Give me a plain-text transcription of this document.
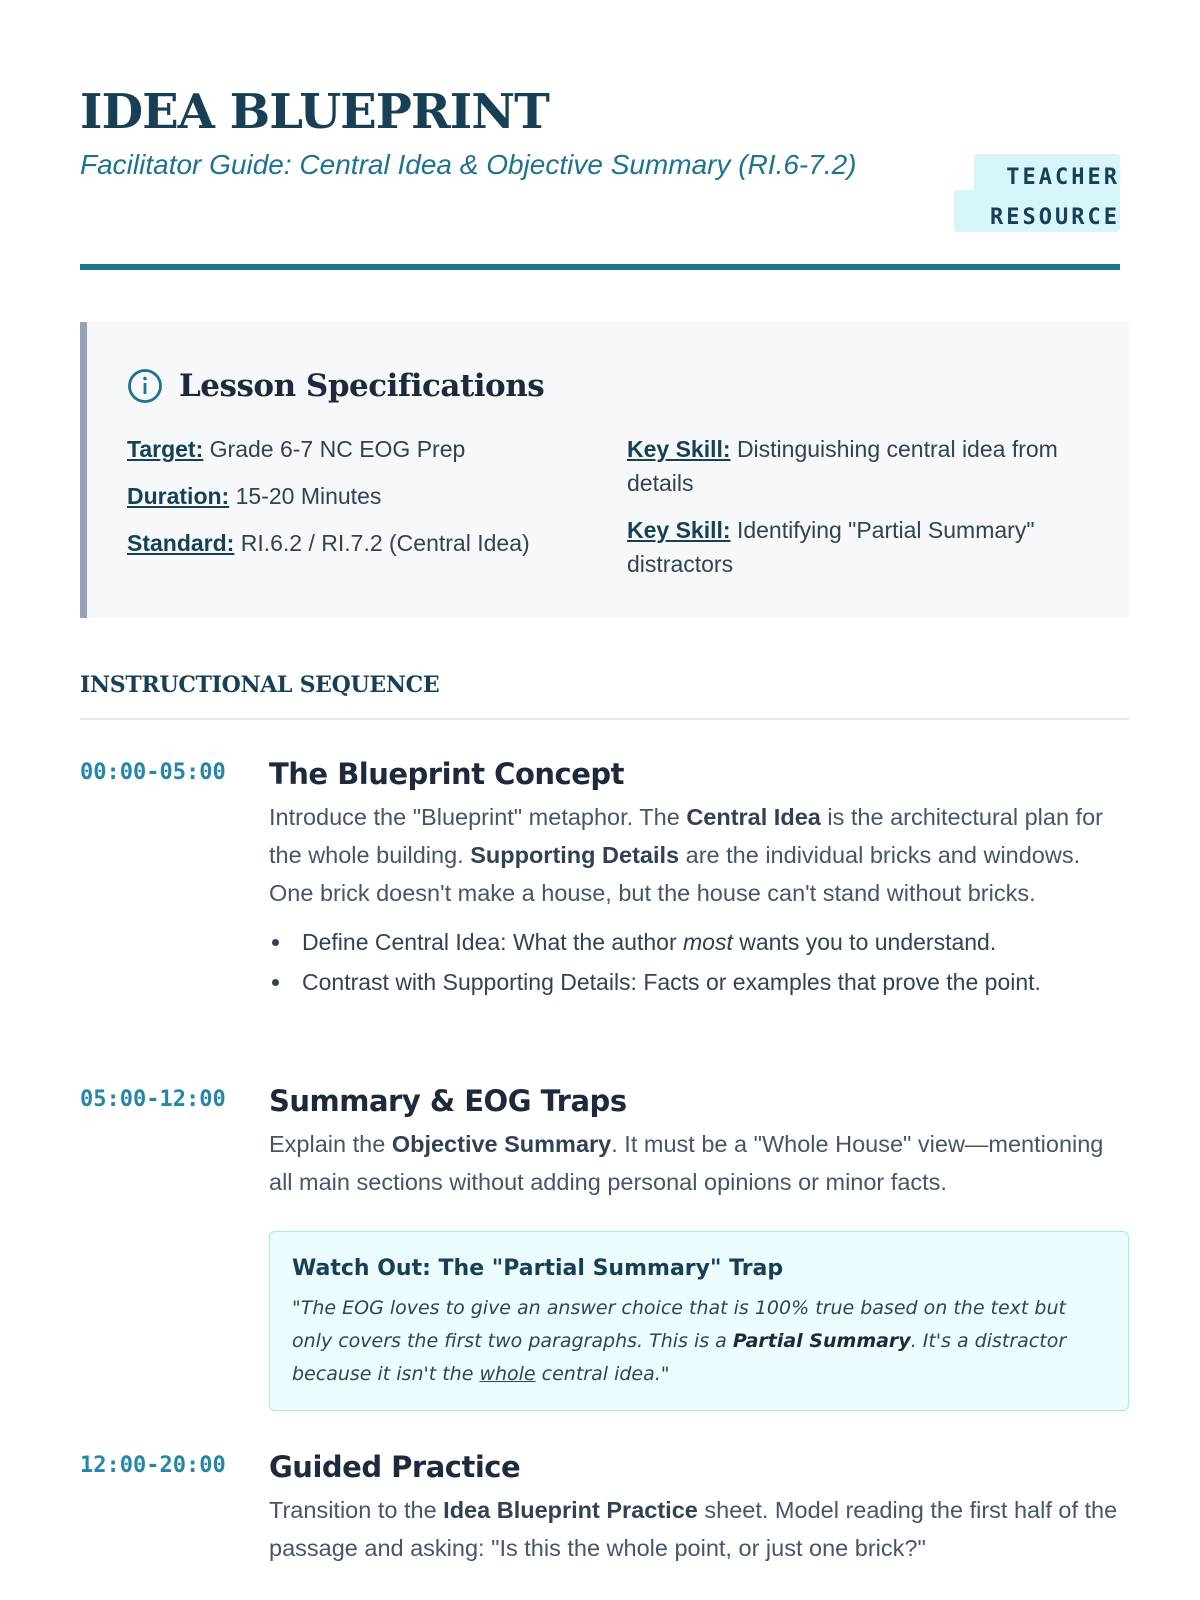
IDEA BLUEPRINT
Facilitator Guide: Central Idea & Objective Summary (RI.6-7.2)	TEACHER RESOURCE
Lesson Specifications
Target: Grade 6-7 NC EOG Prep
Duration: 15-20 Minutes
Standard: RI.6.2 / RI.7.2 (Central Idea)
Key Skill: Distinguishing central idea from details
Key Skill: Identifying "Partial Summary" distractors
INSTRUCTIONAL SEQUENCE
00:00-05:00 The Blueprint Concept

Introduce the "Blueprint" metaphor. The Central Idea is the architectural plan for the whole building. Supporting Details are the individual bricks and windows. One brick doesn't make a house, but the house can't stand without bricks.

Define Central Idea: What the author most wants you to understand.
Contrast with Supporting Details: Facts or examples that prove the point.
05:00-12:00 Summary & EOG Traps

Explain the Objective Summary. It must be a "Whole House" view—mentioning all main sections without adding personal opinions or minor facts.

Watch Out: The "Partial Summary" Trap

"The EOG loves to give an answer choice that is 100% true based on the text but only covers the first two paragraphs. This is a Partial Summary. It's a distractor because it isn't the whole central idea."

12:00-20:00 Guided Practice

Transition to the Idea Blueprint Practice sheet. Model reading the first half of the passage and asking: "Is this the whole point, or just one brick?"
